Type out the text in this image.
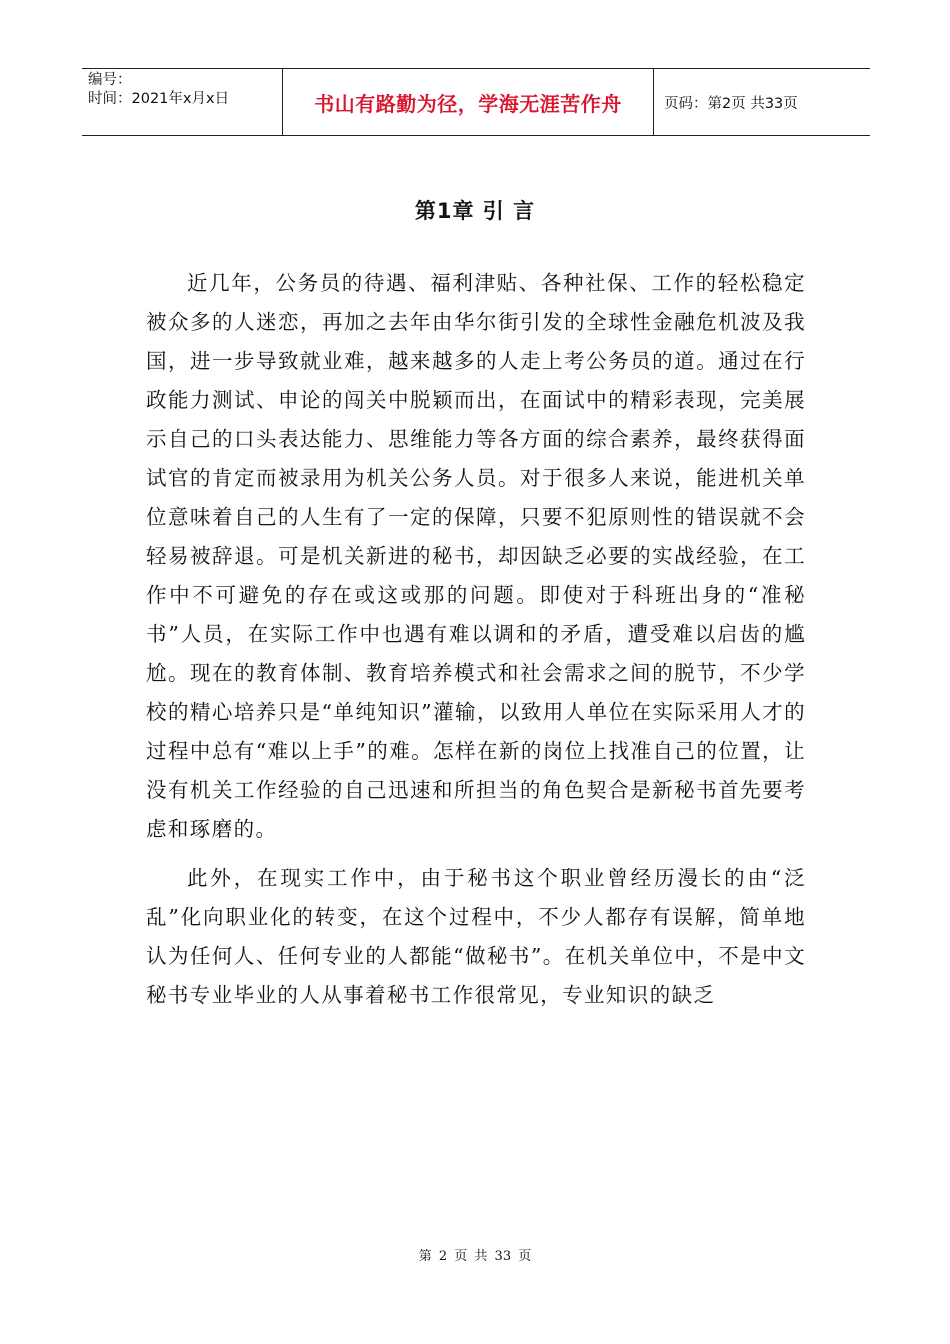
编号：
时间：2021年x月x日	书山有路勤为径，学海无涯苦作舟	页码：第2页 共33页
第1章 引 言

近几年，公务员的待遇、福利津贴、各种社保、工作的轻松稳定被众多的人迷恋，再加之去年由华尔街引发的全球性金融危机波及我国，进一步导致就业难，越来越多的人走上考公务员的道。通过在行政能力测试、申论的闯关中脱颖而出，在面试中的精彩表现，完美展示自己的口头表达能力、思维能力等各方面的综合素养，最终获得面试官的肯定而被录用为机关公务人员。对于很多人来说，能进机关单位意味着自己的人生有了一定的保障，只要不犯原则性的错误就不会轻易被辞退。可是机关新进的秘书，却因缺乏必要的实战经验，在工作中不可避免的存在或这或那的问题。即使对于科班出身的“准秘书”人员，在实际工作中也遇有难以调和的矛盾，遭受难以启齿的尴尬。现在的教育体制、教育培养模式和社会需求之间的脱节，不少学校的精心培养只是“单纯知识”灌输，以致用人单位在实际采用人才的过程中总有“难以上手”的难。怎样在新的岗位上找准自己的位置，让没有机关工作经验的自己迅速和所担当的角色契合是新秘书首先要考虑和琢磨的。

此外，在现实工作中，由于秘书这个职业曾经历漫长的由“泛乱”化向职业化的转变，在这个过程中，不少人都存有误解，简单地认为任何人、任何专业的人都能“做秘书”。在机关单位中，不是中文秘书专业毕业的人从事着秘书工作很常见，专业知识的缺乏

第 2 页 共 33 页
